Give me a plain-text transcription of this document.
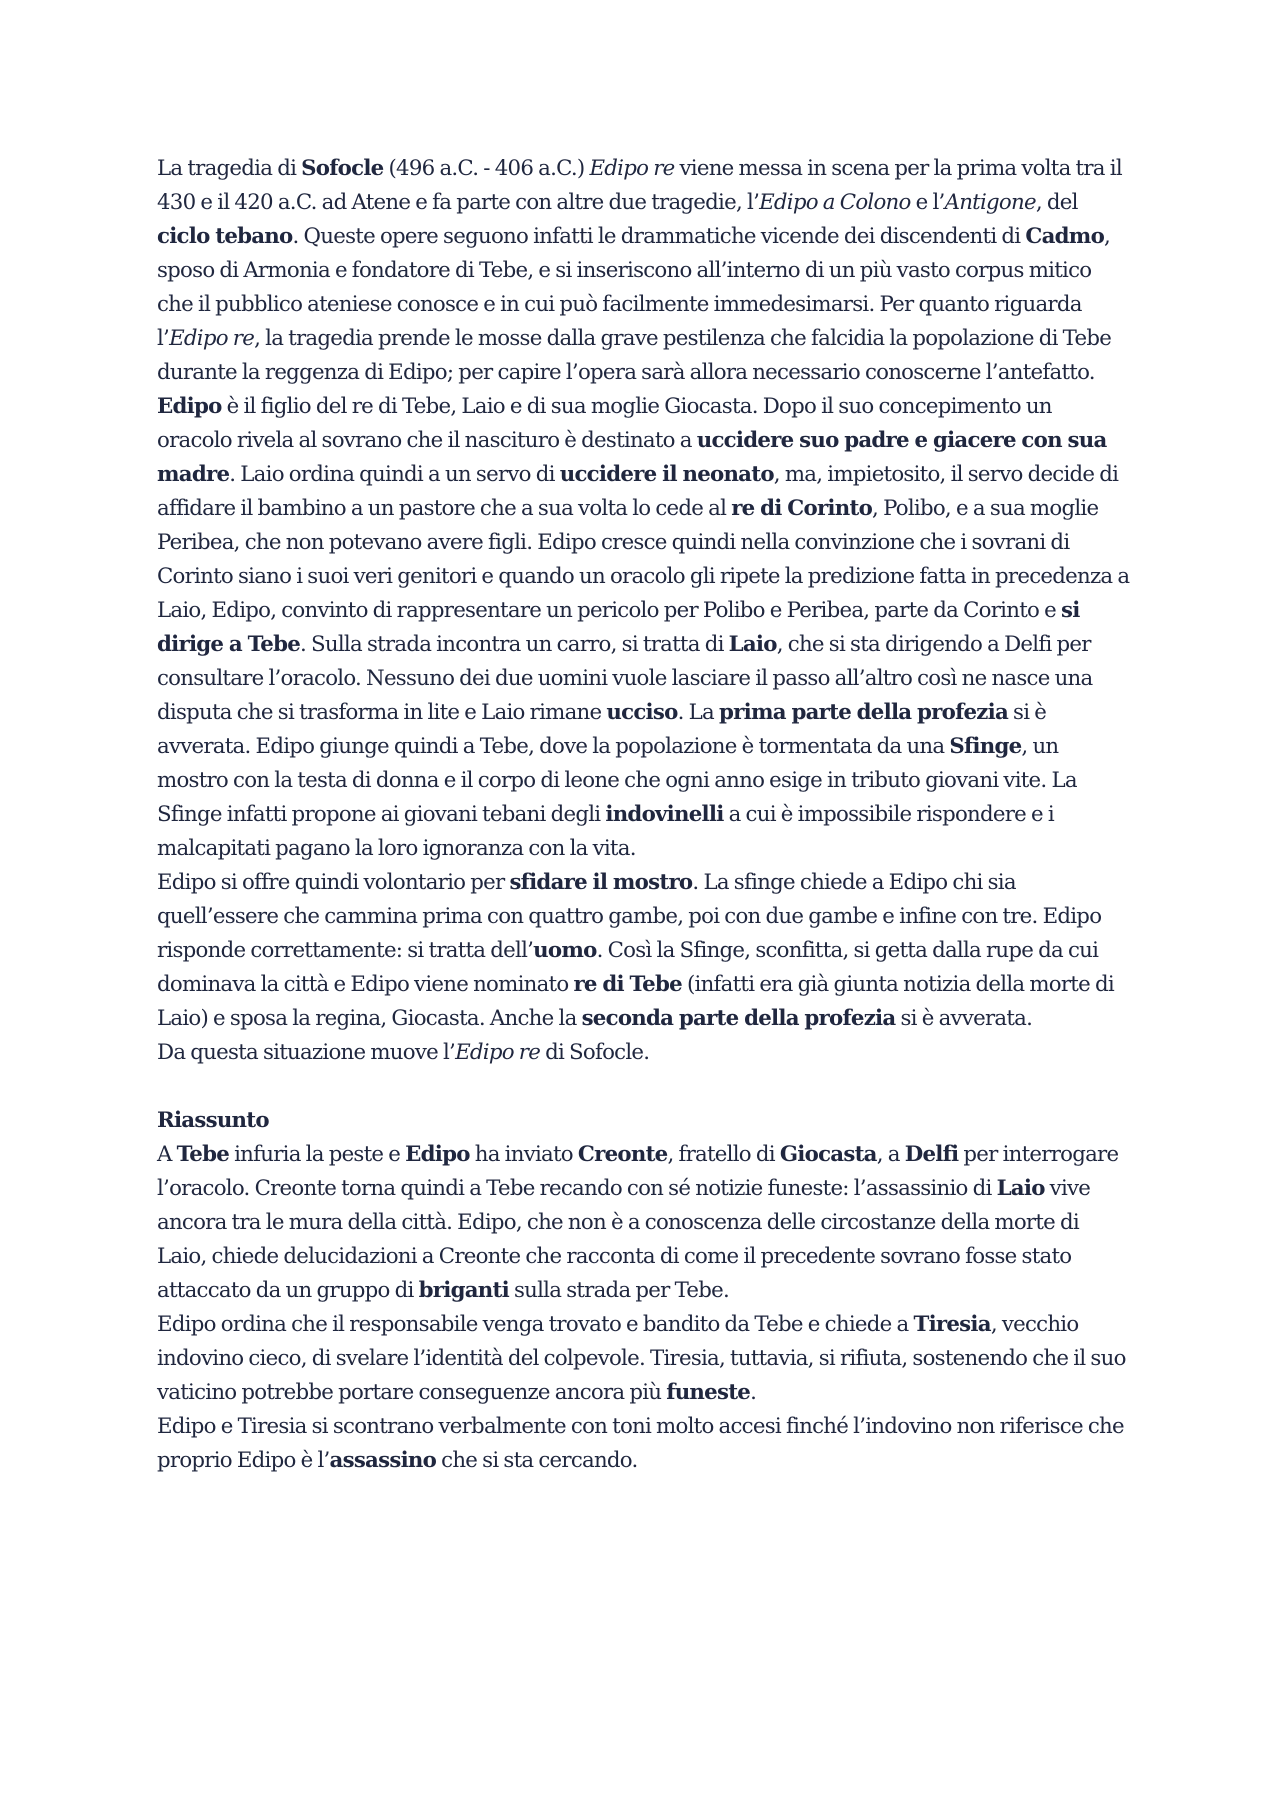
La tragedia di Sofocle (496 a.C. - 406 a.C.) Edipo re viene messa in scena per la prima volta tra il 430 e il 420 a.C. ad Atene e fa parte con altre due tragedie, l’Edipo a Colono e l’Antigone, del ciclo tebano. Queste opere seguono infatti le drammatiche vicende dei discendenti di Cadmo, sposo di Armonia e fondatore di Tebe, e si inseriscono all’interno di un più vasto corpus mitico che il pubblico ateniese conosce e in cui può facilmente immedesimarsi. Per quanto riguarda l’Edipo re, la tragedia prende le mosse dalla grave pestilenza che falcidia la popolazione di Tebe durante la reggenza di Edipo; per capire l’opera sarà allora necessario conoscerne l’antefatto.

Edipo è il figlio del re di Tebe, Laio e di sua moglie Giocasta. Dopo il suo concepimento un oracolo rivela al sovrano che il nascituro è destinato a uccidere suo padre e giacere con sua madre. Laio ordina quindi a un servo di uccidere il neonato, ma, impietosito, il servo decide di affidare il bambino a un pastore che a sua volta lo cede al re di Corinto, Polibo, e a sua moglie Peribea, che non potevano avere figli. Edipo cresce quindi nella convinzione che i sovrani di Corinto siano i suoi veri genitori e quando un oracolo gli ripete la predizione fatta in precedenza a Laio, Edipo, convinto di rappresentare un pericolo per Polibo e Peribea, parte da Corinto e si dirige a Tebe. Sulla strada incontra un carro, si tratta di Laio, che si sta dirigendo a Delfi per consultare l’oracolo. Nessuno dei due uomini vuole lasciare il passo all’altro così ne nasce una disputa che si trasforma in lite e Laio rimane ucciso. La prima parte della profezia si è avverata. Edipo giunge quindi a Tebe, dove la popolazione è tormentata da una Sfinge, un mostro con la testa di donna e il corpo di leone che ogni anno esige in tributo giovani vite. La Sfinge infatti propone ai giovani tebani degli indovinelli a cui è impossibile rispondere e i malcapitati pagano la loro ignoranza con la vita.

Edipo si offre quindi volontario per sfidare il mostro. La sfinge chiede a Edipo chi sia quell’essere che cammina prima con quattro gambe, poi con due gambe e infine con tre. Edipo risponde correttamente: si tratta dell’uomo. Così la Sfinge, sconfitta, si getta dalla rupe da cui dominava la città e Edipo viene nominato re di Tebe (infatti era già giunta notizia della morte di Laio) e sposa la regina, Giocasta. Anche la seconda parte della profezia si è avverata.

Da questa situazione muove l’Edipo re di Sofocle.

Riassunto

A Tebe infuria la peste e Edipo ha inviato Creonte, fratello di Giocasta, a Delfi per interrogare l’oracolo. Creonte torna quindi a Tebe recando con sé notizie funeste: l’assassinio di Laio vive ancora tra le mura della città. Edipo, che non è a conoscenza delle circostanze della morte di Laio, chiede delucidazioni a Creonte che racconta di come il precedente sovrano fosse stato attaccato da un gruppo di briganti sulla strada per Tebe.

Edipo ordina che il responsabile venga trovato e bandito da Tebe e chiede a Tiresia, vecchio indovino cieco, di svelare l’identità del colpevole. Tiresia, tuttavia, si rifiuta, sostenendo che il suo vaticino potrebbe portare conseguenze ancora più funeste.

Edipo e Tiresia si scontrano verbalmente con toni molto accesi finché l’indovino non riferisce che proprio Edipo è l’assassino che si sta cercando.
